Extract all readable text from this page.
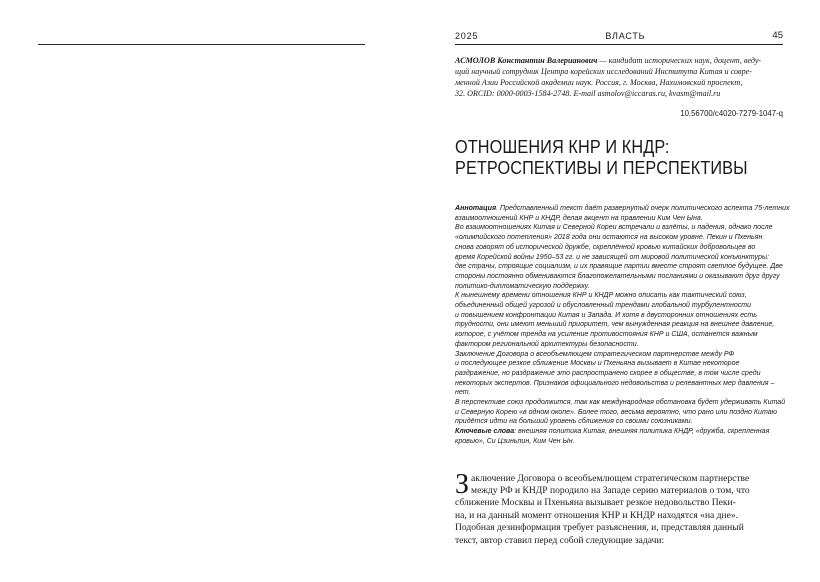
2025	ВЛАСТЬ	45
АСМОЛОВ Константин Валерианович — кандидат исторических наук, доцент, веду-
щий научный сотрудник Центра корейских исследований Института Китая и совре-
менной Азии Российской академии наук. Россия, г. Москва, Нахимовский проспект,
32. ORCID: 0000-0003-1584-2748. E-mail asmolov@iccaras.ru, kvasm@mail.ru
10.56700/c4020-7279-1047-q
ОТНОШЕНИЯ КНР И КНДР:
РЕТРОСПЕКТИВЫ И ПЕРСПЕКТИВЫ

Аннотация. Представленный текст даёт развернутый очерк политического аспекта 75-летних

взаимоотношений КНР и КНДР, делая акцент на правлении Ким Чен Ына.

Во взаимоотношениях Китая и Северной Кореи встречали и взлёты, и падения, однако после

«олимпийского потепления» 2018 года они остаются на высоком уровне. Пекин и Пхеньян

снова говорят об исторической дружбе, скреплённой кровью китайских добровольцев во

время Корейской войны 1950–53 гг. и не зависящей от мировой политической конъюнктуры:

две страны, строящие социализм, и их правящие партии вместе строят светлое будущее. Две

стороны постоянно обмениваются благопожелательными посланиями и оказывают друг другу

политико-дипломатическую поддержку.

К нынешнему времени отношения КНР и КНДР можно описать как тактический союз,

объединенный общей угрозой и обусловленный трендами глобальной турбулентности

и повышением конфронтации Китая и Запада. И хотя в двусторонних отношениях есть

трудности, они имеют меньший приоритет, чем вынужденная реакция на внешнее давление,

которое, с учётом тренда на усиление противостояния КНР и США, останется важным

фактором региональной архитектуры безопасности.

Заключение Договора о всеобъемлющем стратегическом партнерстве между РФ

и последующее резкое сближение Москвы и Пхеньяна вызывает в Китае некоторое

раздражение, но раздражение это распространено скорее в обществе, в том числе среди

некоторых экспертов. Признаков официального недовольства и релевантных мер давления –

нет.

В перспективе союз продолжится, так как международная обстановка будет удерживать Китай

и Северную Корею «в одном окопе». Более того, весьма вероятно, что рано или поздно Китаю

придётся идти на больший уровень сближения со своими союзниками.

Ключевые слова: внешняя политика Китая, внешняя политика КНДР, «дружба, скрепленная

кровью», Си Цзиньпин, Ким Чен Ын.

З аключение Договора о всеобъемлющем стратегическом партнерстве

между РФ и КНДР породило на Западе серию материалов о том, что

сближение Москвы и Пхеньяна вызывает резкое недовольство Пеки-

на, и на данный момент отношения КНР и КНДР находятся «на дне».

Подобная дезинформация требует разъяснения, и, представляя данный

текст, автор ставил перед собой следующие задачи:
